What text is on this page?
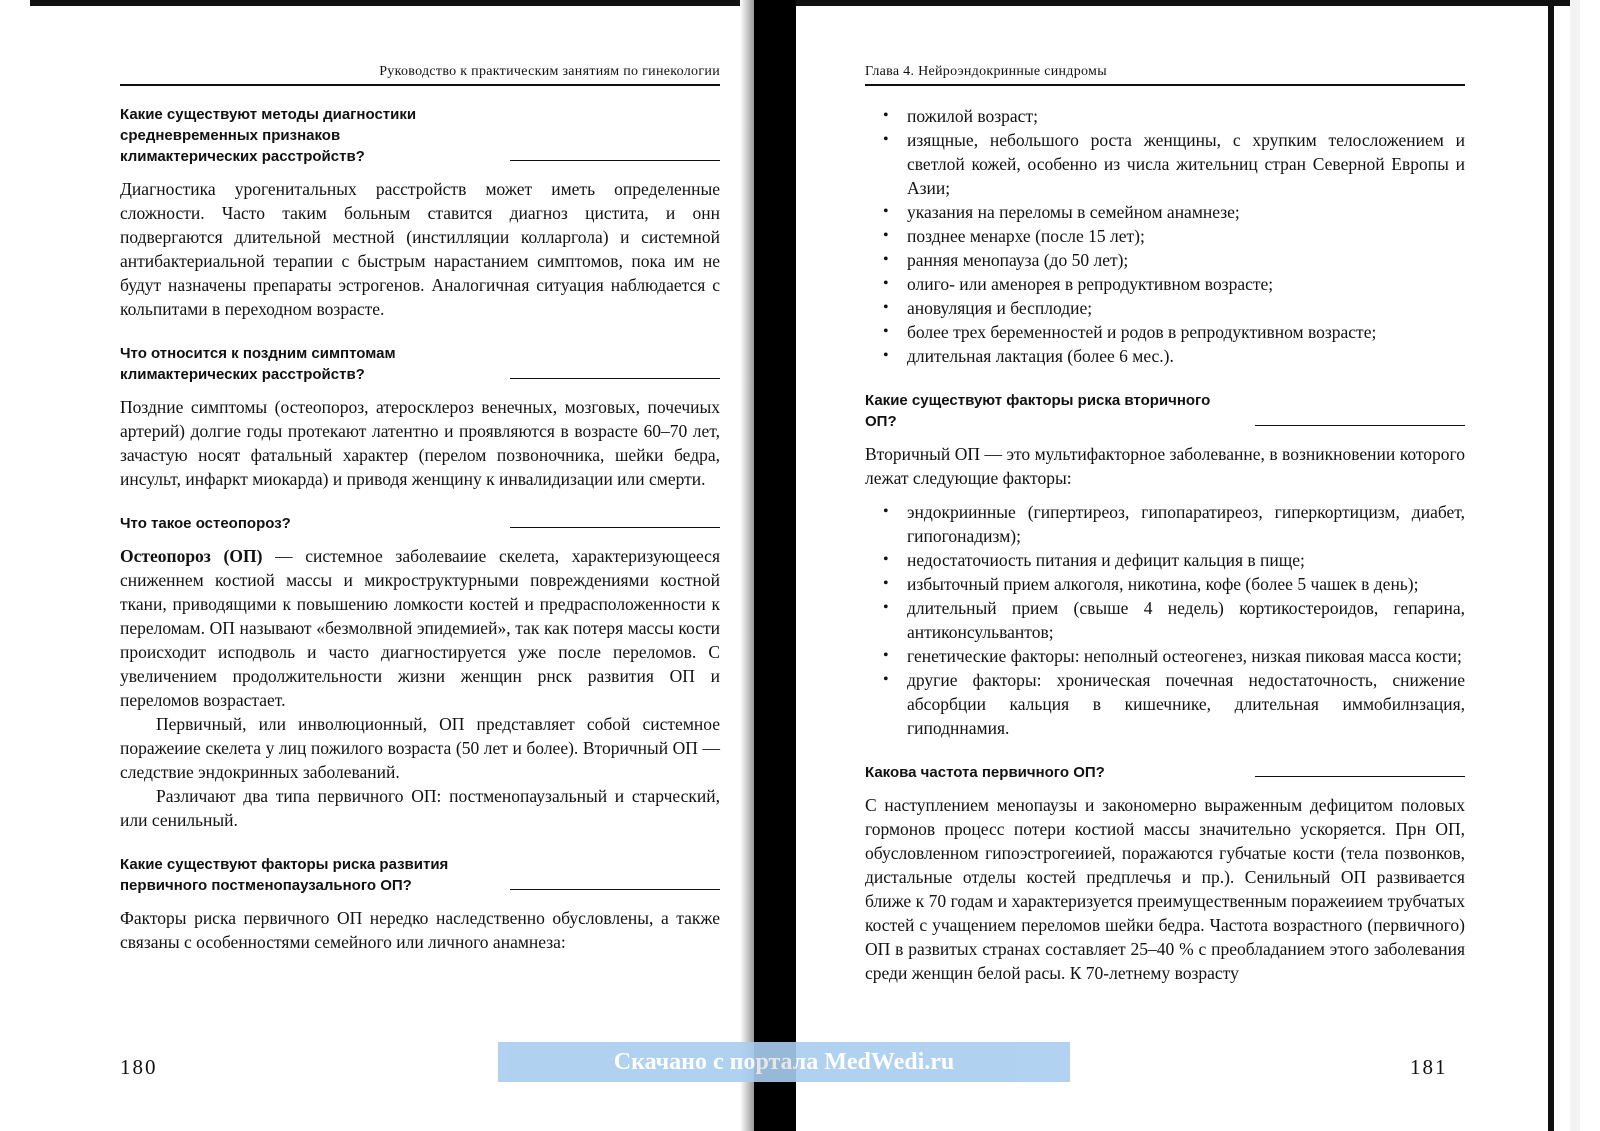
Руководство к практическим занятиям по гинекологии
Какие существуют методы диагностики средневременных признаков климактерических расстройств?

Диагностика урогенитальных расстройств может иметь определенные сложности. Часто таким больным ставится диагноз цистита, и онн подвергаются длительной местной (инстилляции колларгола) и системной антибактериальной терапии с быстрым нарастанием симптомов, пока им не будут назначены препараты эстрогенов. Аналогичная ситуация наблюдается с кольпитами в переходном возрасте.

Что относится к поздним симптомам климактерических расстройств?

Поздние симптомы (остеопороз, атеросклероз венечных, мозговых, почечиых артерий) долгие годы протекают латентно и проявляются в возрасте 60–70 лет, зачастую носят фатальный характер (перелом позвоночника, шейки бедра, инсульт, инфаркт миокарда) и приводя женщину к инвалидизации или смерти.

Что такое остеопороз?

Остеопороз (ОП) — системное заболеваиие скелета, характеризующееся сниженнем костиой массы и микроструктурными повреждениями костной ткани, приводящими к повышению ломкости костей и предрасположенности к переломам. ОП называют «безмолвной эпидемией», так как потеря массы кости происходит исподволь и часто диагностируется уже после переломов. С увеличением продолжительности жизни женщин рнск развития ОП и переломов возрастает.

Первичный, или инволюционный, ОП представляет собой системное поражеиие скелета у лиц пожилого возраста (50 лет и более). Вторичный ОП — следствие эндокринных заболеваний.

Различают два типа первичного ОП: постменопаузальный и старческий, или сенильный.

Какие существуют факторы риска развития первичного постменопаузального ОП?

Факторы риска первичного ОП нередко наследственно обусловлены, а также связаны с особенностями семейного или личного анамнеза:

Глава 4. Нейроэндокринные синдромы
• пожилой возраст;
• изящные, небольшого роста женщины, с хрупким телосложением и светлой кожей, особенно из числа жительниц стран Северной Европы и Азии;
• указания на переломы в семейном анамнезе;
• позднее менархе (после 15 лет);
• ранняя менопауза (до 50 лет);
• олиго- или аменорея в репродуктивном возрасте;
• ановуляция и бесплодие;
• более трех беременностей и родов в репродуктивном возрасте;
• длительная лактация (более 6 мес.).
Какие существуют факторы риска вторичного ОП?

Вторичный ОП — это мультифакторное заболеванне, в возникновении которого лежат следующие факторы:

• эндокриинные (гипертиреоз, гипопаратиреоз, гиперкортицизм, диабет, гипогонадизм);
• недостаточиость питания и дефицит кальция в пище;
• избыточный прием алкоголя, никотина, кофе (более 5 чашек в день);
• длительный прием (свыше 4 недель) кортикостероидов, гепарина, антиконсульвантов;
• генетические факторы: неполный остеогенез, низкая пиковая масса кости;
• другие факторы: хроническая почечная недостаточность, снижение абсорбции кальция в кишечнике, длительная иммобилнзация, гиподннамия.
Какова частота первичного ОП?

С наступлением менопаузы и закономерно выраженным дефицитом половых гормонов процесс потери костиой массы значительно ускоряется. Прн ОП, обусловленном гипоэстрогеиией, поражаются губчатые кости (тела позвонков, дистальные отделы костей предплечья и пр.). Сенильный ОП развивается ближе к 70 годам и характеризуется преимущественным поражеиием трубчатых костей с учащением переломов шейки бедра. Частота возрастного (первичного) ОП в развитых странах составляет 25–40 % с преобладанием этого заболевания среди женщин белой расы. К 70-летнему возрасту

180	181
Скачано с портала MedWedi.ru
